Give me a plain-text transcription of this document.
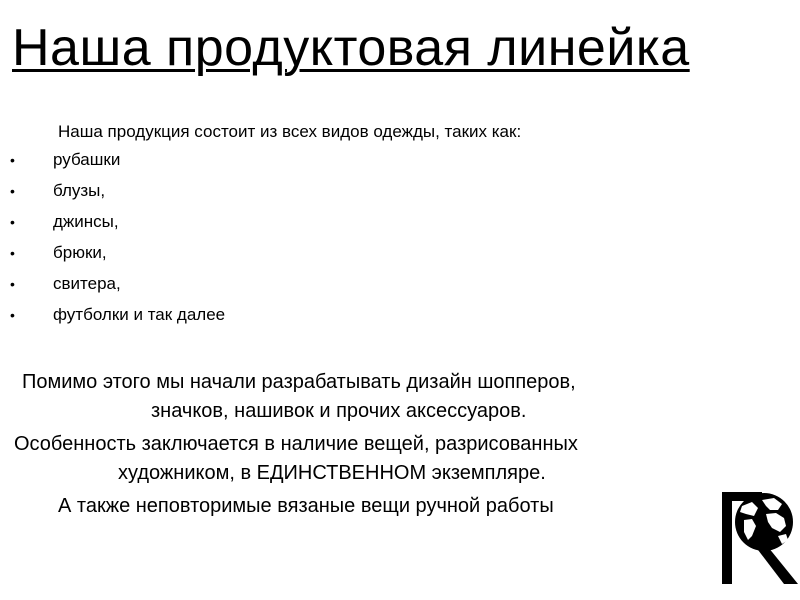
Наша продуктовая линейка
Наша продукция состоит из всех видов одежды, таких как:
• рубашки
• блузы,
• джинсы,
• брюки,
• свитера,
• футболки и так далее
Помимо этого мы начали разрабатывать дизайн шопперов,
значков, нашивок и прочих аксессуаров.
Особенность заключается в наличие вещей, разрисованных
художником, в ЕДИНСТВЕННОМ экземпляре.
А также неповторимые вязаные вещи ручной работы
